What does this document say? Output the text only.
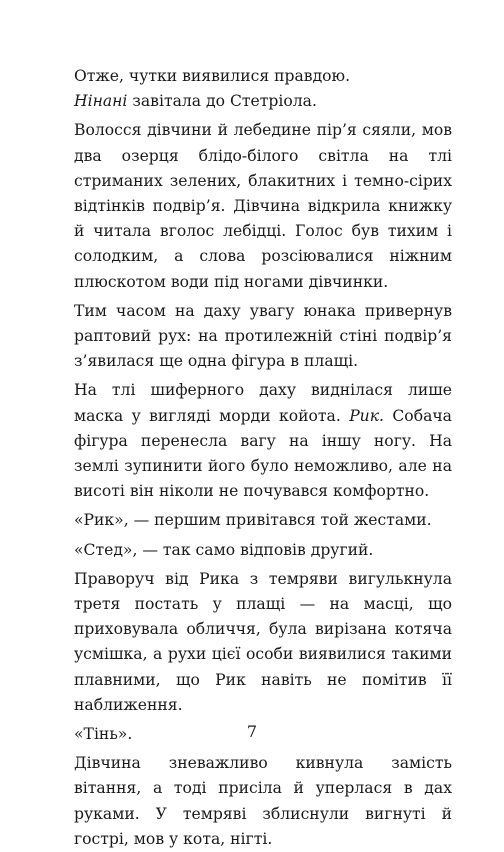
Отже, чутки виявилися правдою.

Нінані завітала до Стетріола.

Волосся дівчини й лебедине пір’я сяяли, мов два озерця блідо-білого світла на тлі стриманих зелених, блакитних і темно-сірих відтінків подвір’я. Дівчина відкрила книжку й читала вголос лебідці. Голос був тихим і солодким, а слова розсіювалися ніжним плюскотом води під ногами дівчинки.

Тим часом на даху увагу юнака привернув раптовий рух: на протилежній стіні подвір’я з’явилася ще одна фігура в плащі.

На тлі шиферного даху виднілася лише маска у вигляді морди койота. Рик. Собача фігура перенесла вагу на іншу ногу. На землі зупинити його було неможливо, але на висоті він ніколи не почувався комфортно.

«Рик», — першим привітався той жестами.

«Стед», — так само відповів другий.

Праворуч від Рика з темряви вигулькнула третя постать у плащі — на масці, що приховувала обличчя, була вирізана котяча усмішка, а рухи цієї особи виявилися такими плавними, що Рик навіть не помітив її наближення.

«Тінь».

Дівчина зневажливо кивнула замість вітання, а тоді присіла й уперлася в дах руками. У темряві зблиснули вигнуті й гострі, мов у кота, нігті.

7
